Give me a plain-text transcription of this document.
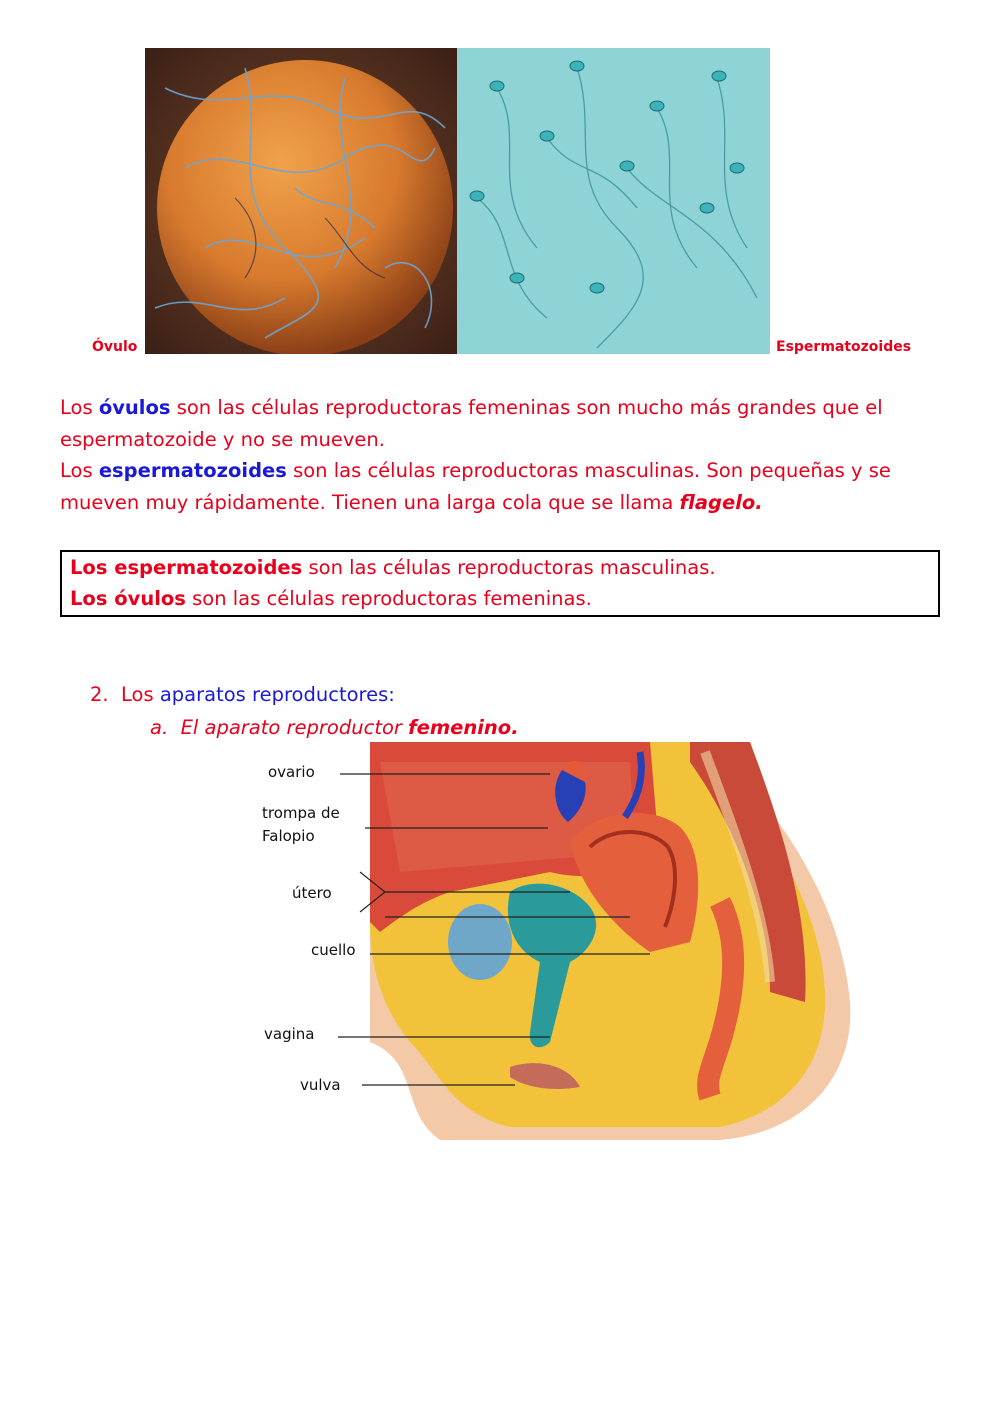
Óvulo	Espermatozoides
Los óvulos son las células reproductoras femeninas son mucho más grandes que el espermatozoide y no se mueven.
Los espermatozoides son las células reproductoras masculinas. Son pequeñas y se mueven muy rápidamente. Tienen una larga cola que se llama flagelo.
Los espermatozoides son las células reproductoras masculinas.
Los óvulos son las células reproductoras femeninas.
2. Los aparatos reproductores:
a. El aparato reproductor femenino.
ovario
trompa de
Falopio
útero
cuello
vagina
vulva
